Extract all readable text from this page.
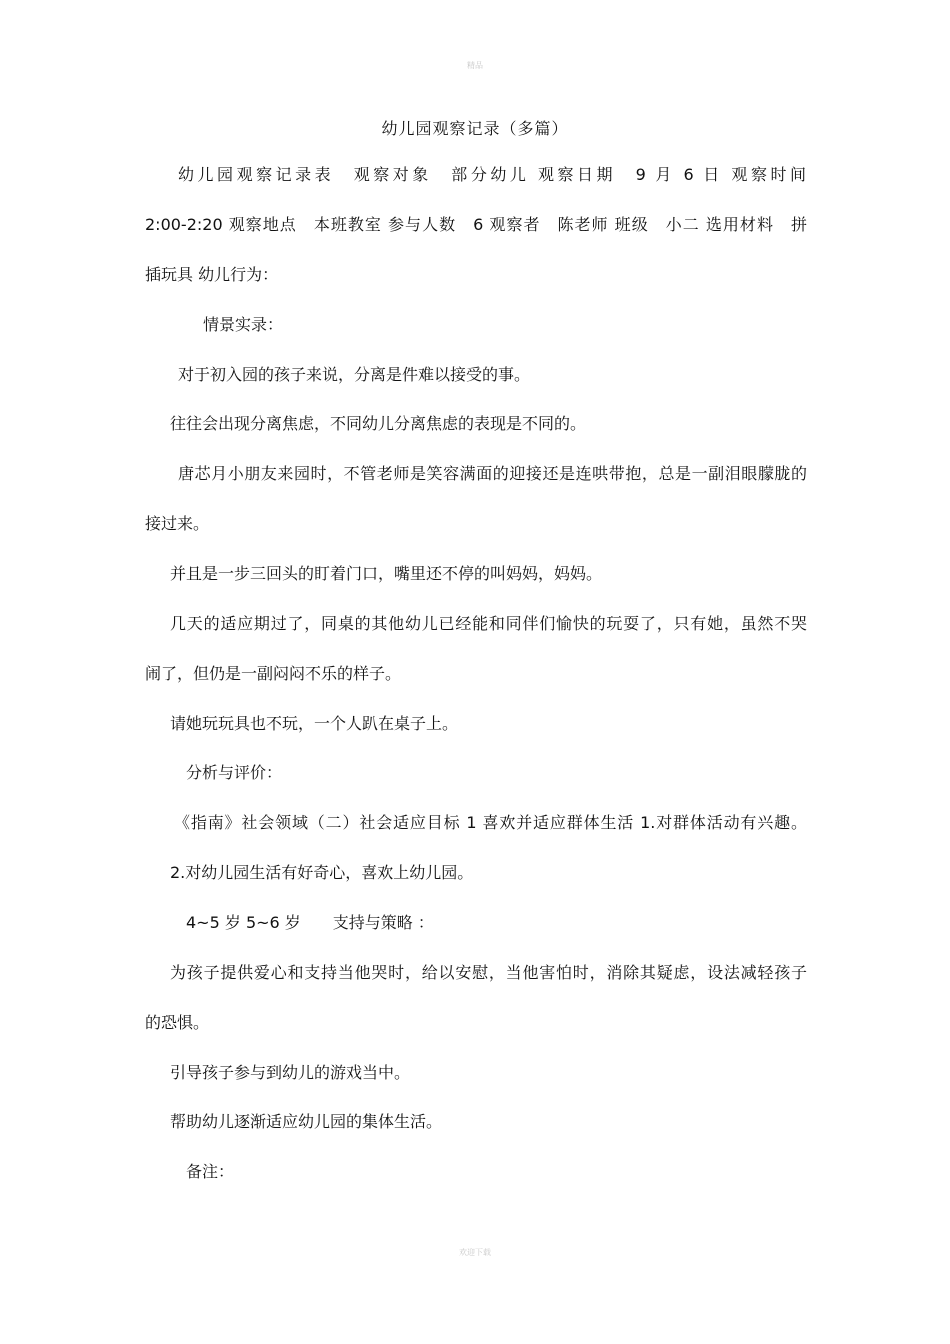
精品
幼儿园观察记录（多篇）
幼儿园观察记录表　观察对象　部分幼儿 观察日期　9 月 6 日 观察时间
2:00-2:20 观察地点　本班教室 参与人数　6 观察者　陈老师 班级　小二 选用材料　拼
插玩具 幼儿行为：
情景实录：
对于初入园的孩子来说，分离是件难以接受的事。
往往会出现分离焦虑，不同幼儿分离焦虑的表现是不同的。
唐芯月小朋友来园时，不管老师是笑容满面的迎接还是连哄带抱，总是一副泪眼朦胧的
接过来。
并且是一步三回头的盯着门口，嘴里还不停的叫妈妈，妈妈。
几天的适应期过了，同桌的其他幼儿已经能和同伴们愉快的玩耍了，只有她，虽然不哭
闹了，但仍是一副闷闷不乐的样子。
请她玩玩具也不玩，一个人趴在桌子上。
分析与评价：
《指南》社会领域（二）社会适应目标 1 喜欢并适应群体生活 1.对群体活动有兴趣。
2.对幼儿园生活有好奇心，喜欢上幼儿园。
4~5 岁 5~6 岁　　支持与策略 ：
为孩子提供爱心和支持当他哭时，给以安慰，当他害怕时，消除其疑虑，设法减轻孩子
的恐惧。
引导孩子参与到幼儿的游戏当中。
帮助幼儿逐渐适应幼儿园的集体生活。
备注：
欢迎下载
